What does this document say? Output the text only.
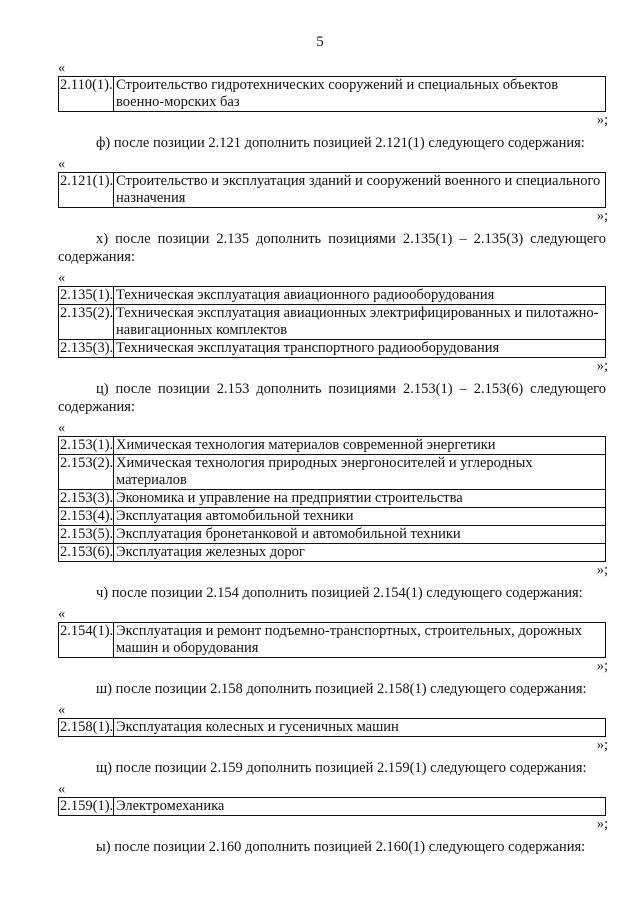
5
«
2.110(1).	Строительство гидротехнических сооружений и специальных объектов военно-морских баз
»;

ф) после позиции 2.121 дополнить позицией 2.121(1) следующего содержания:

«
2.121(1).	Строительство и эксплуатация зданий и сооружений военного и специального назначения
»;

х) после позиции 2.135 дополнить позициями 2.135(1) – 2.135(3) следующего содержания:

«
2.135(1).	Техническая эксплуатация авиационного радиооборудования
2.135(2).	Техническая эксплуатация авиационных электрифицированных и пилотажно-навигационных комплектов
2.135(3).	Техническая эксплуатация транспортного радиооборудования
»;

ц) после позиции 2.153 дополнить позициями 2.153(1) – 2.153(6) следующего содержания:

«
2.153(1).	Химическая технология материалов современной энергетики
2.153(2).	Химическая технология природных энергоносителей и углеродных материалов
2.153(3).	Экономика и управление на предприятии строительства
2.153(4).	Эксплуатация автомобильной техники
2.153(5).	Эксплуатация бронетанковой и автомобильной техники
2.153(6).	Эксплуатация железных дорог
»;

ч) после позиции 2.154 дополнить позицией 2.154(1) следующего содержания:

«
2.154(1).	Эксплуатация и ремонт подъемно-транспортных, строительных, дорожных машин и оборудования
»;

ш) после позиции 2.158 дополнить позицией 2.158(1) следующего содержания:

«
2.158(1).	Эксплуатация колесных и гусеничных машин
»;

щ) после позиции 2.159 дополнить позицией 2.159(1) следующего содержания:

«
2.159(1).	Электромеханика
»;

ы) после позиции 2.160 дополнить позицией 2.160(1) следующего содержания:
